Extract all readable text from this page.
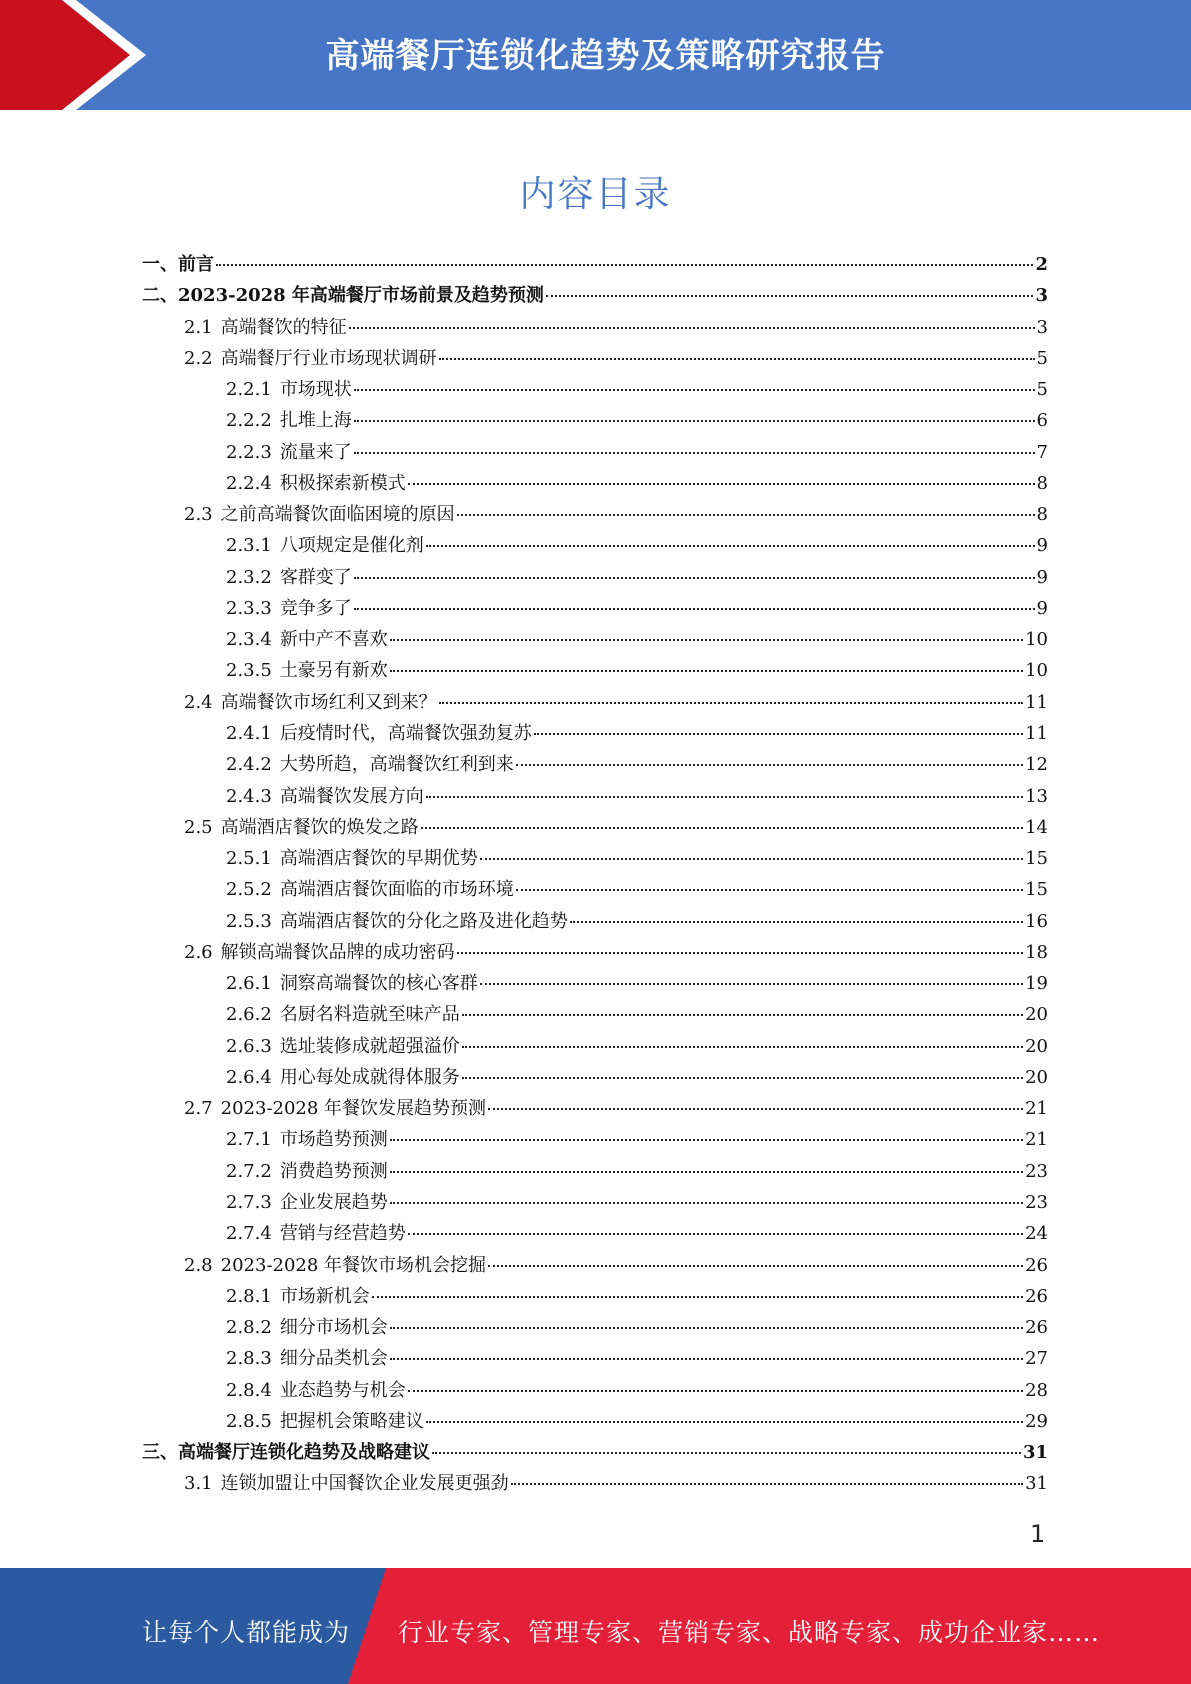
高端餐厅连锁化趋势及策略研究报告
内容目录
一、 前言	2
二、 2023-2028 年高端餐厅市场前景及趋势预测	3
2.1 高端餐饮的特征	3
2.2 高端餐厅行业市场现状调研	5
2.2.1 市场现状	5
2.2.2 扎堆上海	6
2.2.3 流量来了	7
2.2.4 积极探索新模式	8
2.3 之前高端餐饮面临困境的原因	8
2.3.1 八项规定是催化剂	9
2.3.2 客群变了	9
2.3.3 竞争多了	9
2.3.4 新中产不喜欢	10
2.3.5 土豪另有新欢	10
2.4 高端餐饮市场红利又到来？	11
2.4.1 后疫情时代，高端餐饮强劲复苏	11
2.4.2 大势所趋，高端餐饮红利到来	12
2.4.3 高端餐饮发展方向	13
2.5 高端酒店餐饮的焕发之路	14
2.5.1 高端酒店餐饮的早期优势	15
2.5.2 高端酒店餐饮面临的市场环境	15
2.5.3 高端酒店餐饮的分化之路及进化趋势	16
2.6 解锁高端餐饮品牌的成功密码	18
2.6.1 洞察高端餐饮的核心客群	19
2.6.2 名厨名料造就至味产品	20
2.6.3 选址装修成就超强溢价	20
2.6.4 用心每处成就得体服务	20
2.7 2023-2028 年餐饮发展趋势预测	21
2.7.1 市场趋势预测	21
2.7.2 消费趋势预测	23
2.7.3 企业发展趋势	23
2.7.4 营销与经营趋势	24
2.8 2023-2028 年餐饮市场机会挖掘	26
2.8.1 市场新机会	26
2.8.2 细分市场机会	26
2.8.3 细分品类机会	27
2.8.4 业态趋势与机会	28
2.8.5 把握机会策略建议	29
三、 高端餐厅连锁化趋势及战略建议	31
3.1 连锁加盟让中国餐饮企业发展更强劲	31
1
让每个人都能成为 行业专家、管理专家、营销专家、战略专家、成功企业家……
